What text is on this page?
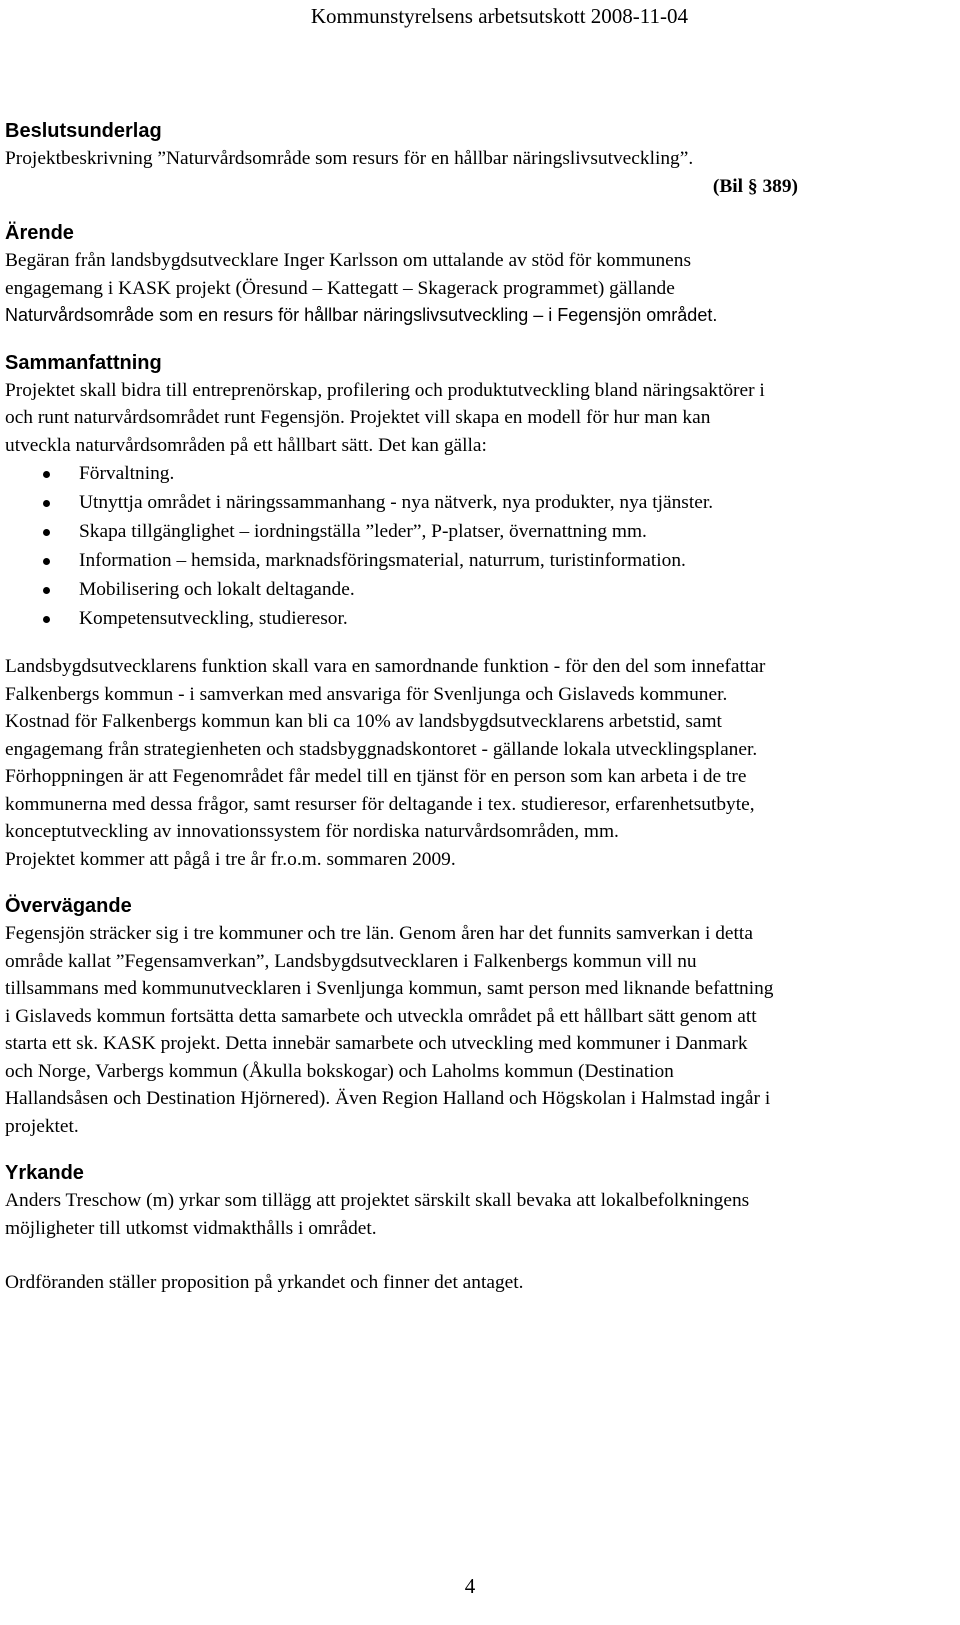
Kommunstyrelsens arbetsutskott 2008-11-04
Beslutsunderlag

Projektbeskrivning ”Naturvårdsområde som resurs för en hållbar näringslivsutveckling”.

(Bil § 389)

Ärende

Begäran från landsbygdsutvecklare Inger Karlsson om uttalande av stöd för kommunens

engagemang i KASK projekt (Öresund – Kattegatt – Skagerack programmet) gällande

Naturvårdsområde som en resurs för hållbar näringslivsutveckling – i Fegensjön området.

Sammanfattning

Projektet skall bidra till entreprenörskap, profilering och produktutveckling bland näringsaktörer i

och runt naturvårdsområdet runt Fegensjön. Projektet vill skapa en modell för hur man kan

utveckla naturvårdsområden på ett hållbart sätt. Det kan gälla:

Förvaltning.
Utnyttja området i näringssammanhang - nya nätverk, nya produkter, nya tjänster.
Skapa tillgänglighet – iordningställa ”leder”, P-platser, övernattning mm.
Information – hemsida, marknadsföringsmaterial, naturrum, turistinformation.
Mobilisering och lokalt deltagande.
Kompetensutveckling, studieresor.

Landsbygdsutvecklarens funktion skall vara en samordnande funktion - för den del som innefattar

Falkenbergs kommun - i samverkan med ansvariga för Svenljunga och Gislaveds kommuner.

Kostnad för Falkenbergs kommun kan bli ca 10% av landsbygdsutvecklarens arbetstid, samt

engagemang från strategienheten och stadsbyggnadskontoret - gällande lokala utvecklingsplaner.

Förhoppningen är att Fegenområdet får medel till en tjänst för en person som kan arbeta i de tre

kommunerna med dessa frågor, samt resurser för deltagande i tex. studieresor, erfarenhetsutbyte,

konceptutveckling av innovationssystem för nordiska naturvårdsområden, mm.

Projektet kommer att pågå i tre år fr.o.m. sommaren 2009.

Övervägande

Fegensjön sträcker sig i tre kommuner och tre län. Genom åren har det funnits samverkan i detta

område kallat ”Fegensamverkan”, Landsbygdsutvecklaren i Falkenbergs kommun vill nu

tillsammans med kommunutvecklaren i Svenljunga kommun, samt person med liknande befattning

i Gislaveds kommun fortsätta detta samarbete och utveckla området på ett hållbart sätt genom att

starta ett sk. KASK projekt. Detta innebär samarbete och utveckling med kommuner i Danmark

och Norge, Varbergs kommun (Åkulla bokskogar) och Laholms kommun (Destination

Hallandsåsen och Destination Hjörnered). Även Region Halland och Högskolan i Halmstad ingår i

projektet.

Yrkande

Anders Treschow (m) yrkar som tillägg att projektet särskilt skall bevaka att lokalbefolkningens

möjligheter till utkomst vidmakthålls i området.

Ordföranden ställer proposition på yrkandet och finner det antaget.

4
